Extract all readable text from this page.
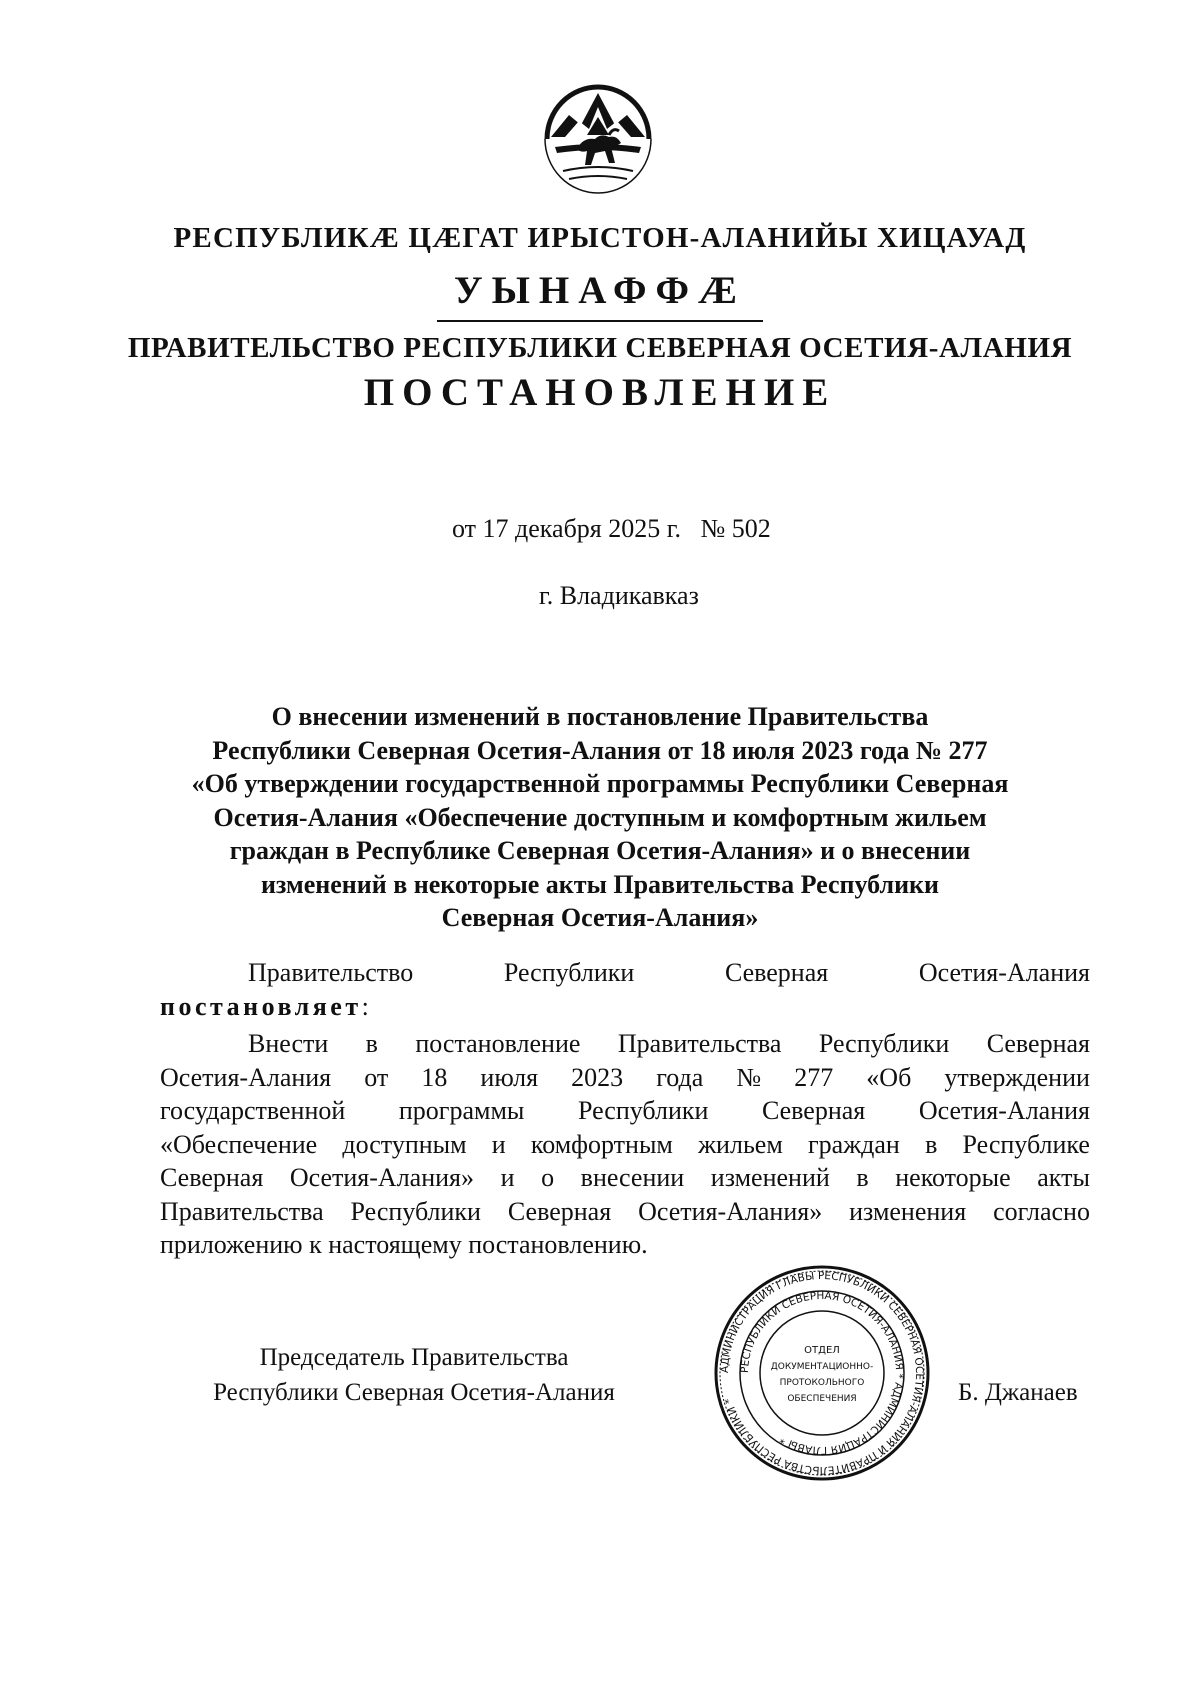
РЕСПУБЛИКÆ ЦÆГАТ ИРЫСТОН-АЛАНИЙЫ ХИЦАУАД
УЫНАФФÆ
ПРАВИТЕЛЬСТВО РЕСПУБЛИКИ СЕВЕРНАЯ ОСЕТИЯ-АЛАНИЯ
ПОСТАНОВЛЕНИЕ
от 17 декабря 2025 г.   № 502
г. Владикавказ
О внесении изменений в постановление Правительства
Республики Северная Осетия-Алания от 18 июля 2023 года № 277
«Об утверждении государственной программы Республики Северная
Осетия-Алания «Обеспечение доступным и комфортным жильем
граждан в Республике Северная Осетия-Алания» и о внесении
изменений в некоторые акты Правительства Республики
Северная Осетия-Алания»
Правительство	Республики	Северная	Осетия-Алания
постановляет:
Внести в постановление Правительства Республики Северная
Осетия-Алания от 18 июля 2023 года № 277 «Об утверждении
государственной программы Республики Северная Осетия-Алания
«Обеспечение доступным и комфортным жильем граждан в Республике
Северная Осетия-Алания» и о внесении изменений в некоторые акты
Правительства Республики Северная Осетия-Алания» изменения согласно
приложению к настоящему постановлению.
Председатель Правительства
Республики Северная Осетия-Алания	Б. Джанаев
АДМИНИСТРАЦИЯ ГЛАВЫ РЕСПУБЛИКИ СЕВЕРНАЯ ОСЕТИЯ-АЛАНИЯ И ПРАВИТЕЛЬСТВА РЕСПУБЛИКИ *
РЕСПУБЛИКИ СЕВЕРНАЯ ОСЕТИЯ-АЛАНИЯ * АДМИНИСТРАЦИЯ ГЛАВЫ *
ОТДЕЛ
ДОКУМЕНТАЦИОННО-
ПРОТОКОЛЬНОГО
ОБЕСПЕЧЕНИЯ
